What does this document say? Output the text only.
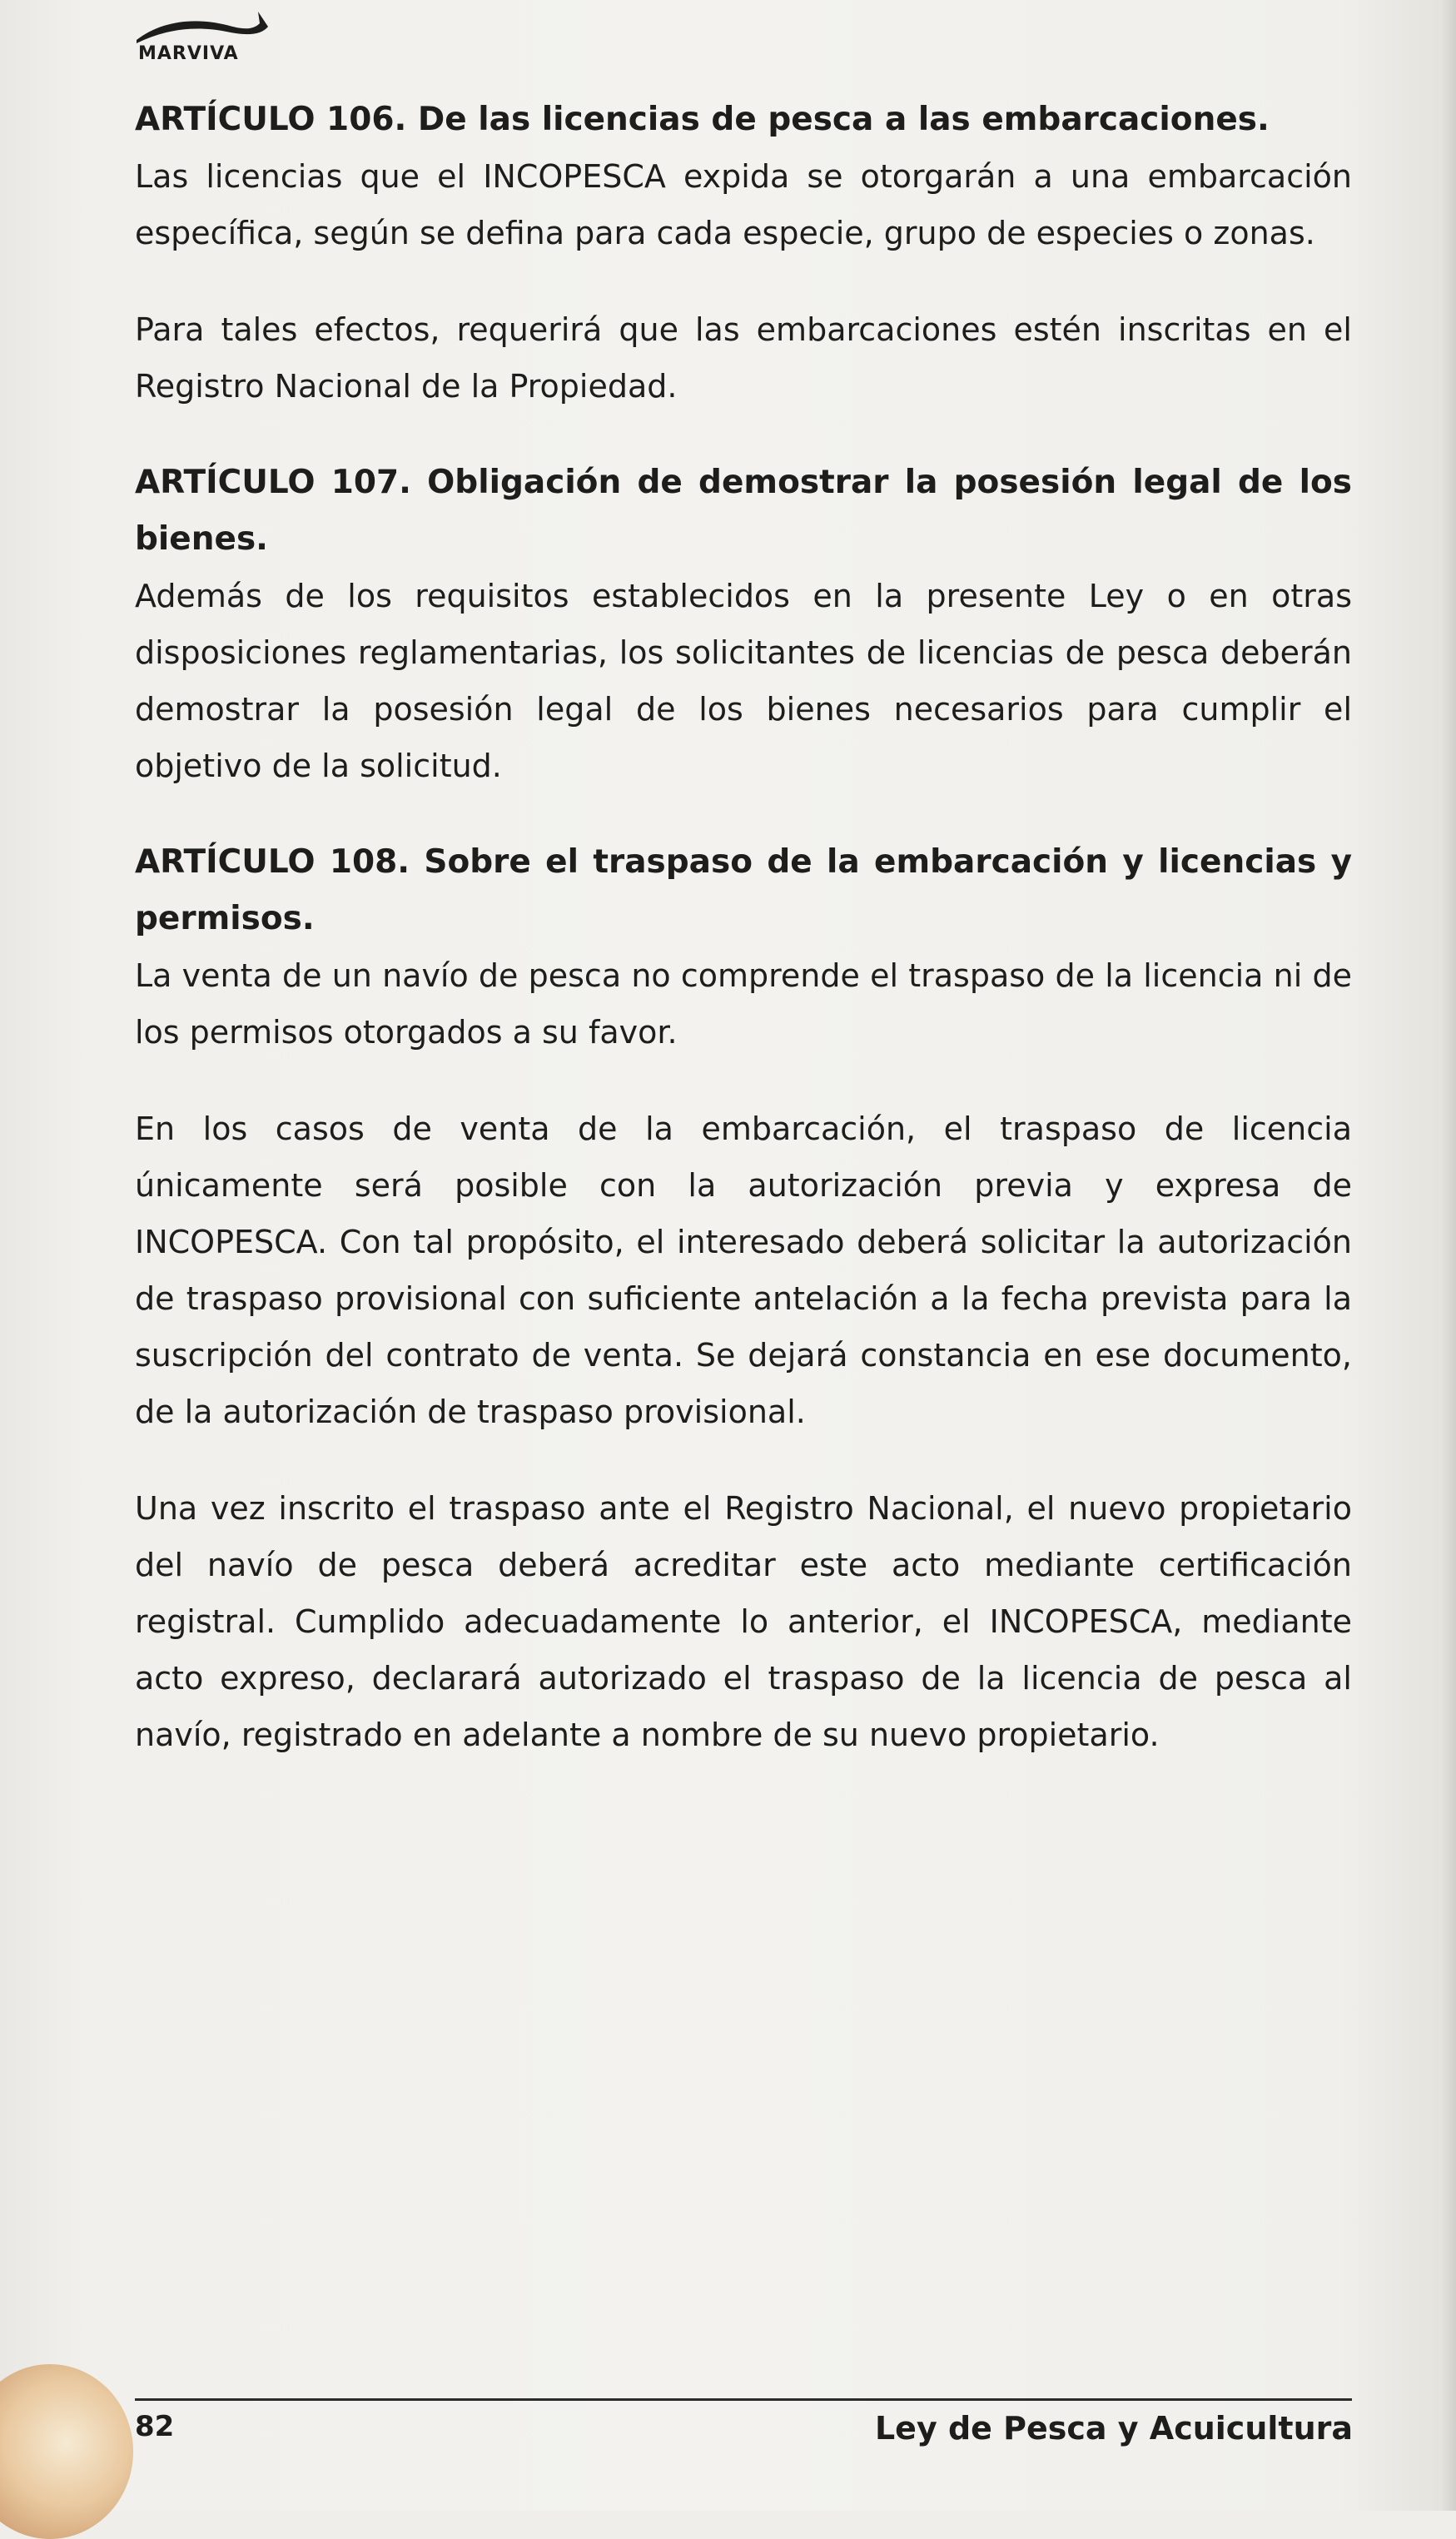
MARVIVA

ARTÍCULO 106. De las licencias de pesca a las embarcaciones.

Las licencias que el INCOPESCA expida se otorgarán a una embarcación específica, según se defina para cada especie, grupo de especies o zonas.

Para tales efectos, requerirá que las embarcaciones estén inscritas en el Registro Nacional de la Propiedad.

ARTÍCULO 107. Obligación de demostrar la posesión legal de los bienes.

Además de los requisitos establecidos en la presente Ley o en otras disposiciones reglamentarias, los solicitantes de licencias de pesca deberán demostrar la posesión legal de los bienes necesarios para cumplir el objetivo de la solicitud.

ARTÍCULO 108. Sobre el traspaso de la embarcación y licencias y permisos.

La venta de un navío de pesca no comprende el traspaso de la licencia ni de los permisos otorgados a su favor.

En los casos de venta de la embarcación, el traspaso de licencia únicamente será posible con la autorización previa y expresa de INCOPESCA. Con tal propósito, el interesado deberá solicitar la autorización de traspaso provisional con suficiente antelación a la fecha prevista para la suscripción del contrato de venta. Se dejará constancia en ese documento, de la autorización de traspaso provisional.

Una vez inscrito el traspaso ante el Registro Nacional, el nuevo propietario del navío de pesca deberá acreditar este acto mediante certificación registral. Cumplido adecuadamente lo anterior, el INCOPESCA, mediante acto expreso, declarará autorizado el traspaso de la licencia de pesca al navío, registrado en adelante a nombre de su nuevo propietario.

82	Ley de Pesca y Acuicultura
